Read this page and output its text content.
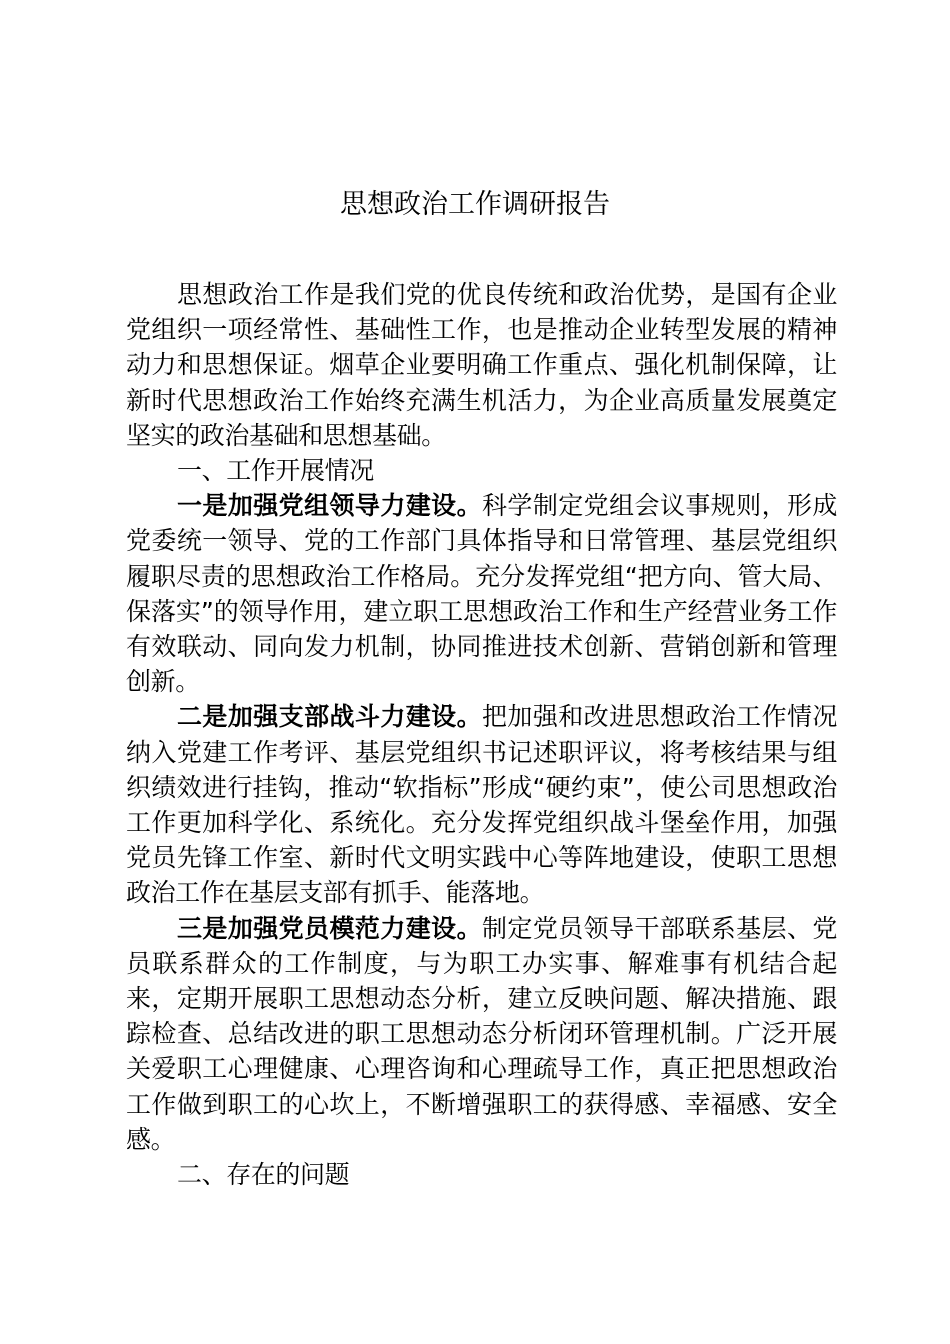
思想政治工作调研报告

思想政治工作是我们党的优良传统和政治优势，是国有企业党组织一项经常性、基础性工作，也是推动企业转型发展的精神动力和思想保证。烟草企业要明确工作重点、强化机制保障，让新时代思想政治工作始终充满生机活力，为企业高质量发展奠定坚实的政治基础和思想基础。

一、工作开展情况

一是加强党组领导力建设。科学制定党组会议事规则，形成党委统一领导、党的工作部门具体指导和日常管理、基层党组织履职尽责的思想政治工作格局。充分发挥党组“把方向、管大局、保落实”的领导作用，建立职工思想政治工作和生产经营业务工作有效联动、同向发力机制，协同推进技术创新、营销创新和管理创新。

二是加强支部战斗力建设。把加强和改进思想政治工作情况纳入党建工作考评、基层党组织书记述职评议，将考核结果与组织绩效进行挂钩，推动“软指标”形成“硬约束”，使公司思想政治工作更加科学化、系统化。充分发挥党组织战斗堡垒作用，加强党员先锋工作室、新时代文明实践中心等阵地建设，使职工思想政治工作在基层支部有抓手、能落地。

三是加强党员模范力建设。制定党员领导干部联系基层、党员联系群众的工作制度，与为职工办实事、解难事有机结合起来，定期开展职工思想动态分析，建立反映问题、解决措施、跟踪检查、总结改进的职工思想动态分析闭环管理机制。广泛开展关爱职工心理健康、心理咨询和心理疏导工作，真正把思想政治工作做到职工的心坎上，不断增强职工的获得感、幸福感、安全感。

二、存在的问题
